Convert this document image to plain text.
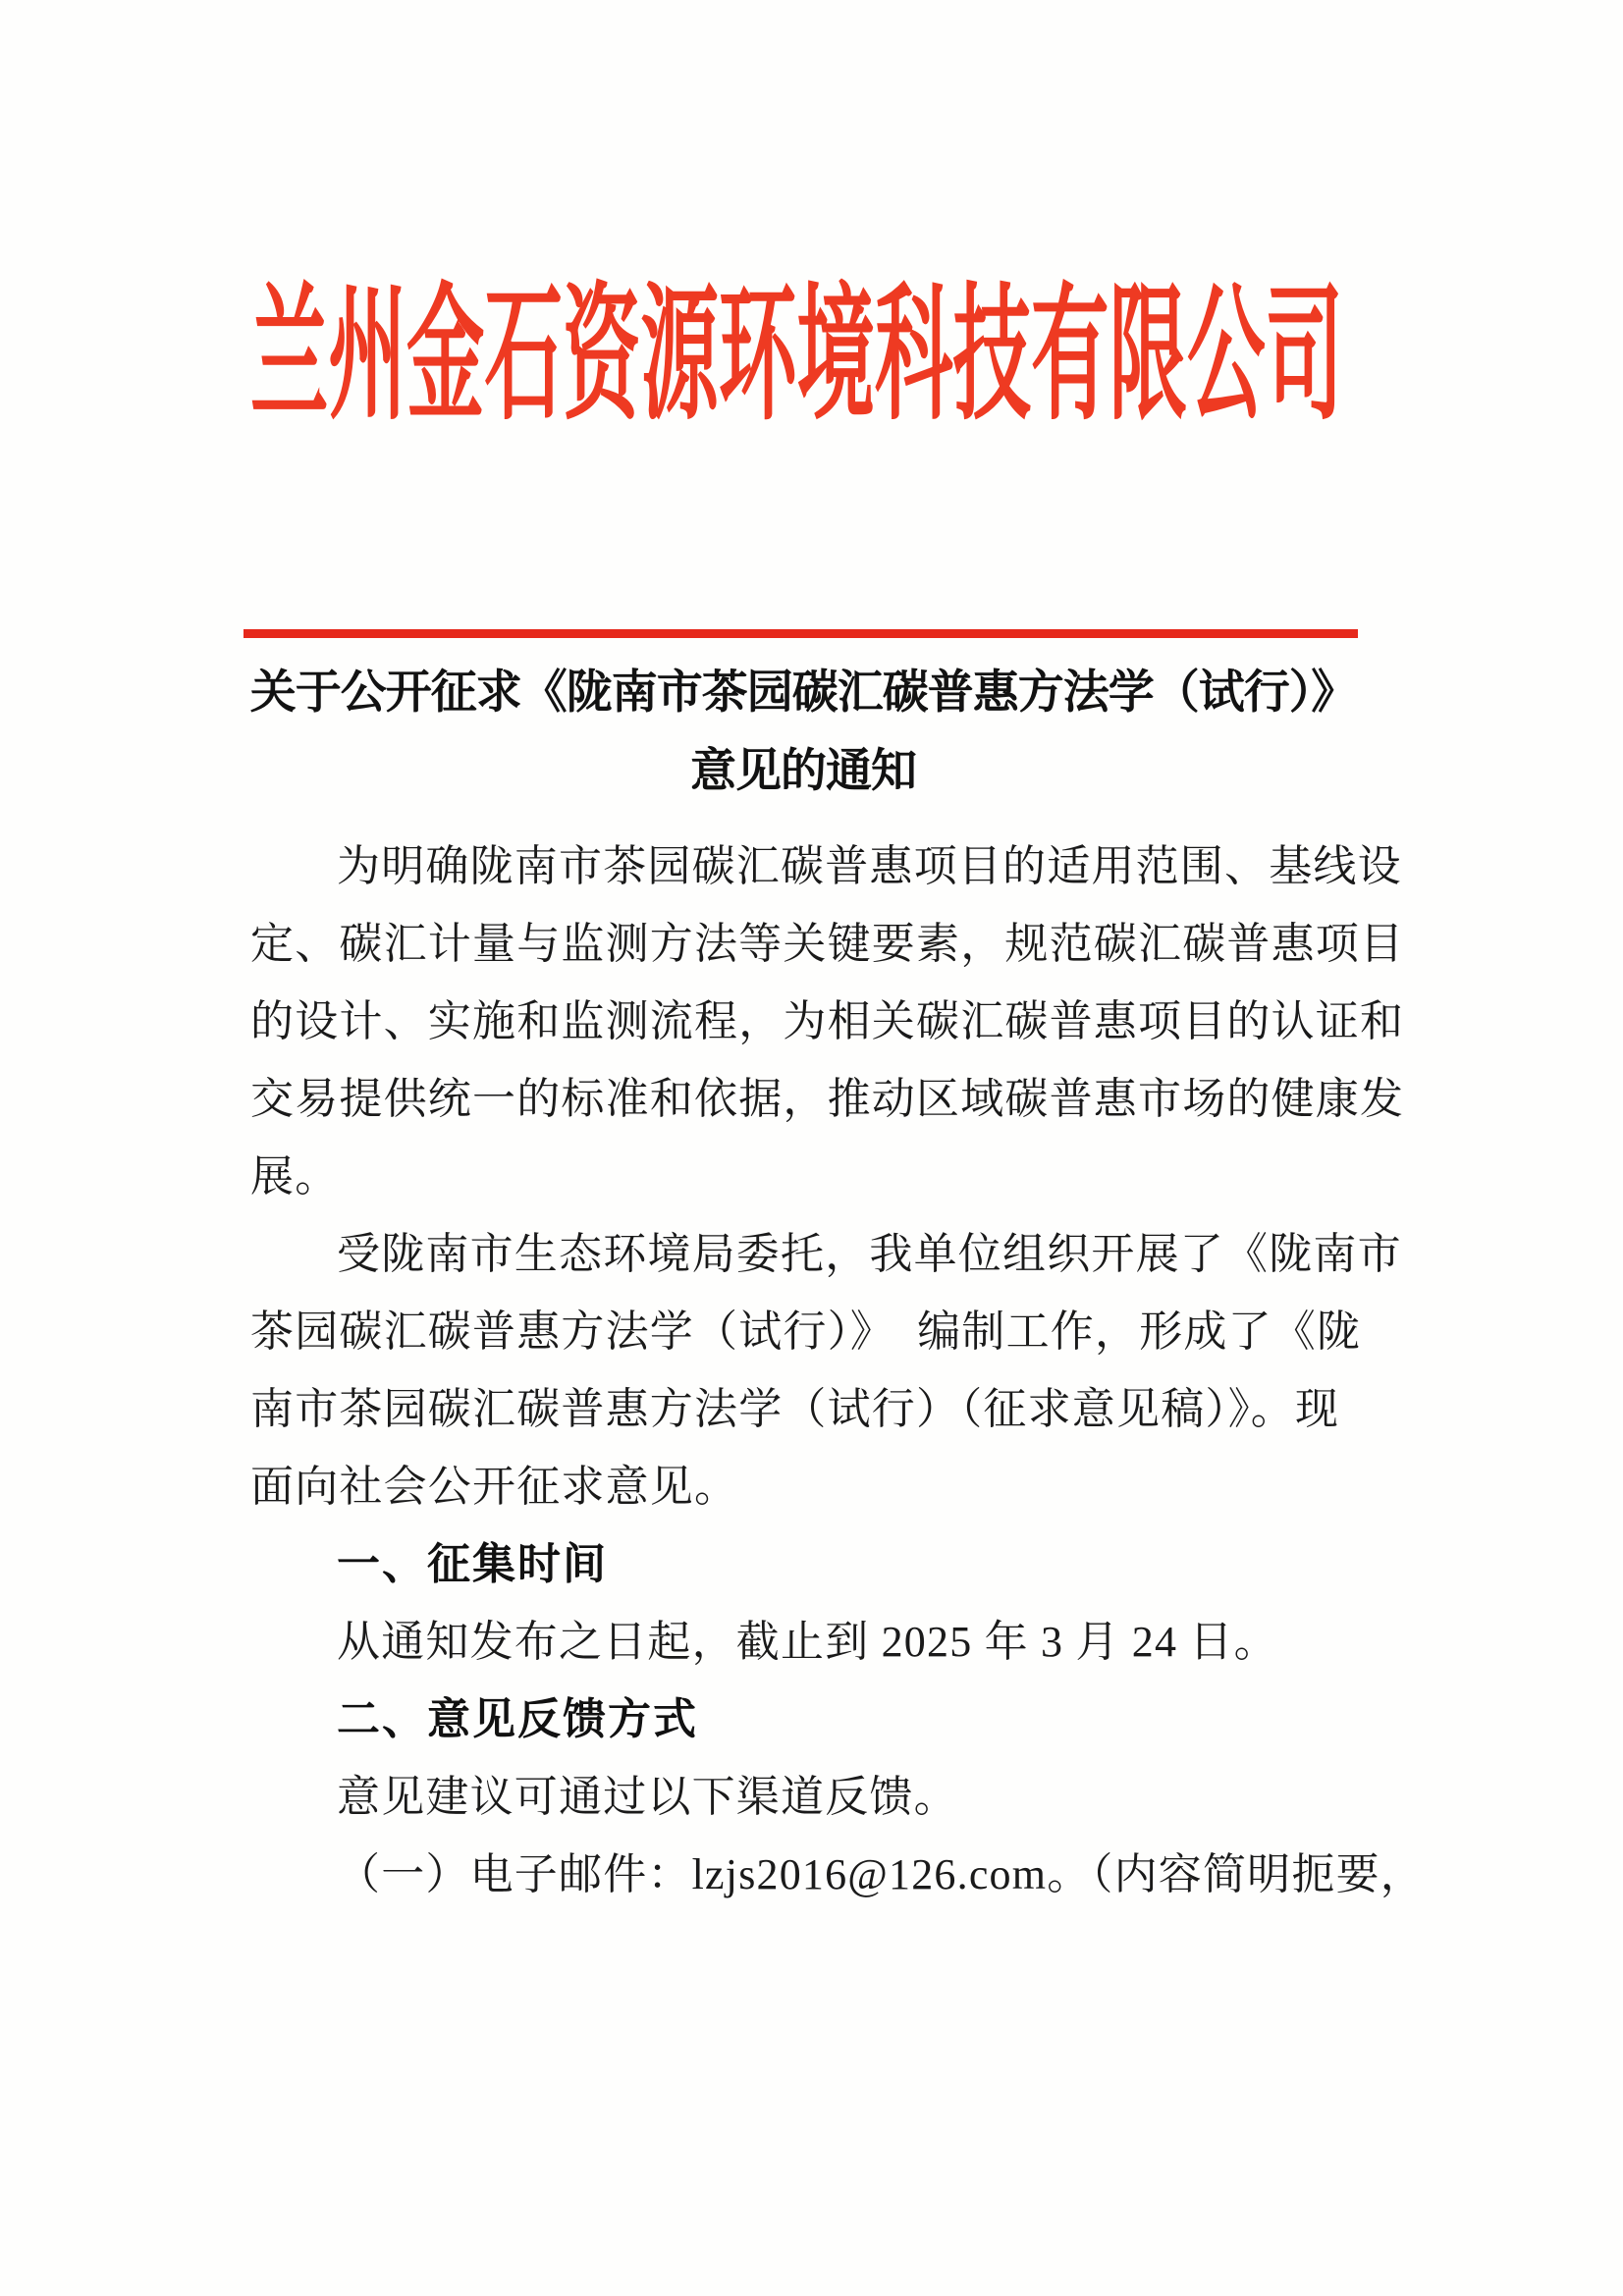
兰州金石资源环境科技有限公司
关于公开征求《陇南市茶园碳汇碳普惠方法学（试行）》
意见的通知
为明确陇南市茶园碳汇碳普惠项目的适用范围、基线设
定、碳汇计量与监测方法等关键要素，规范碳汇碳普惠项目
的设计、实施和监测流程，为相关碳汇碳普惠项目的认证和
交易提供统一的标准和依据，推动区域碳普惠市场的健康发
展。
受陇南市生态环境局委托，我单位组织开展了《陇南市
茶园碳汇碳普惠方法学（试行）》　编制工作，形成了《陇
南市茶园碳汇碳普惠方法学（试行）（征求意见稿）》。现
面向社会公开征求意见。
一、征集时间
从通知发布之日起，截止到 2025 年 3 月 24 日。
二、意见反馈方式
意见建议可通过以下渠道反馈。
（一）电子邮件：lzjs2016@126.com。（内容简明扼要，
